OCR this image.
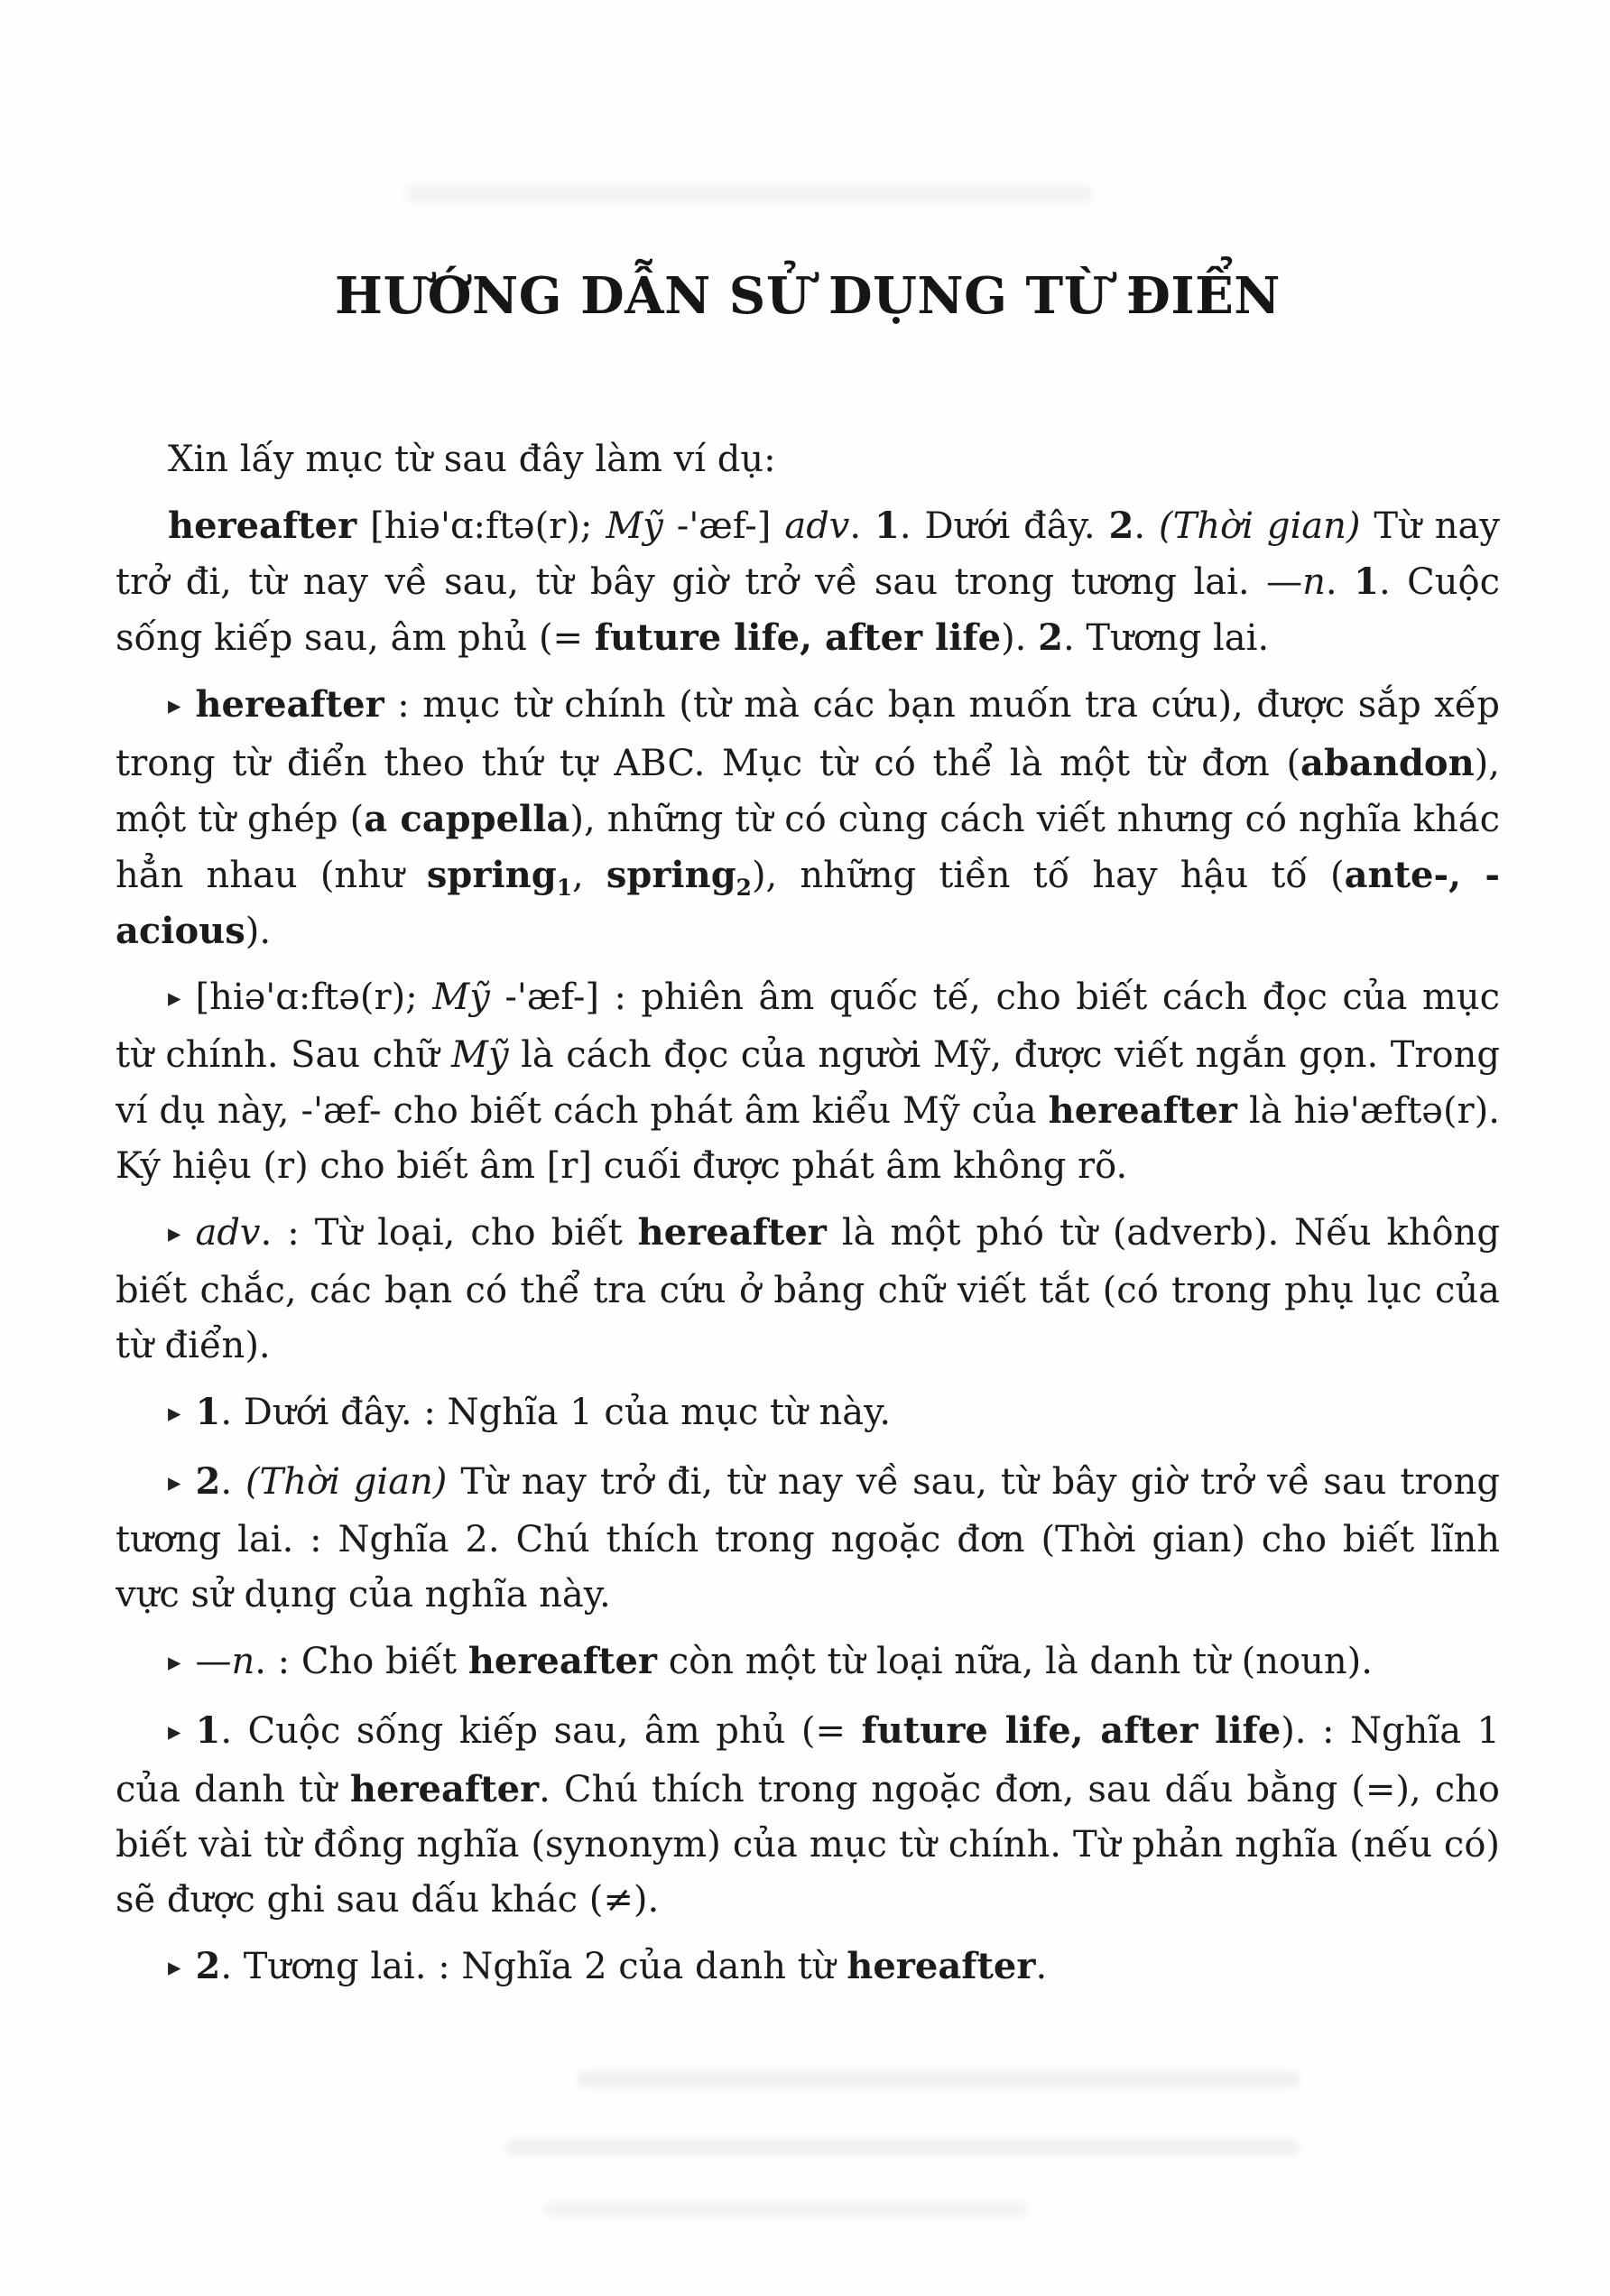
HƯỚNG DẪN SỬ DỤNG TỪ ĐIỂN

Xin lấy mục từ sau đây làm ví dụ:

hereafter [hiə'ɑ:ftə(r); Mỹ -'æf-] adv. 1. Dưới đây. 2. (Thời gian) Từ nay trở đi, từ nay về sau, từ bây giờ trở về sau trong tương lai. —n. 1. Cuộc sống kiếp sau, âm phủ (= future life, after life). 2. Tương lai.

▸ hereafter : mục từ chính (từ mà các bạn muốn tra cứu), được sắp xếp trong từ điển theo thứ tự ABC. Mục từ có thể là một từ đơn (abandon), một từ ghép (a cappella), những từ có cùng cách viết nhưng có nghĩa khác hẳn nhau (như spring$_1$, spring$_2$), những tiền tố hay hậu tố (ante-, -acious).

▸ [hiə'ɑ:ftə(r); Mỹ -'æf-] : phiên âm quốc tế, cho biết cách đọc của mục từ chính. Sau chữ Mỹ là cách đọc của người Mỹ, được viết ngắn gọn. Trong ví dụ này, -'æf- cho biết cách phát âm kiểu Mỹ của hereafter là hiə'æftə(r). Ký hiệu (r) cho biết âm [r] cuối được phát âm không rõ.

▸ adv. : Từ loại, cho biết hereafter là một phó từ (adverb). Nếu không biết chắc, các bạn có thể tra cứu ở bảng chữ viết tắt (có trong phụ lục của từ điển).

▸ 1. Dưới đây. : Nghĩa 1 của mục từ này.

▸ 2. (Thời gian) Từ nay trở đi, từ nay về sau, từ bây giờ trở về sau trong tương lai. : Nghĩa 2. Chú thích trong ngoặc đơn (Thời gian) cho biết lĩnh vực sử dụng của nghĩa này.

▸ —n. : Cho biết hereafter còn một từ loại nữa, là danh từ (noun).

▸ 1. Cuộc sống kiếp sau, âm phủ (= future life, after life). : Nghĩa 1 của danh từ hereafter. Chú thích trong ngoặc đơn, sau dấu bằng (=), cho biết vài từ đồng nghĩa (synonym) của mục từ chính. Từ phản nghĩa (nếu có) sẽ được ghi sau dấu khác (≠).

▸ 2. Tương lai. : Nghĩa 2 của danh từ hereafter.
